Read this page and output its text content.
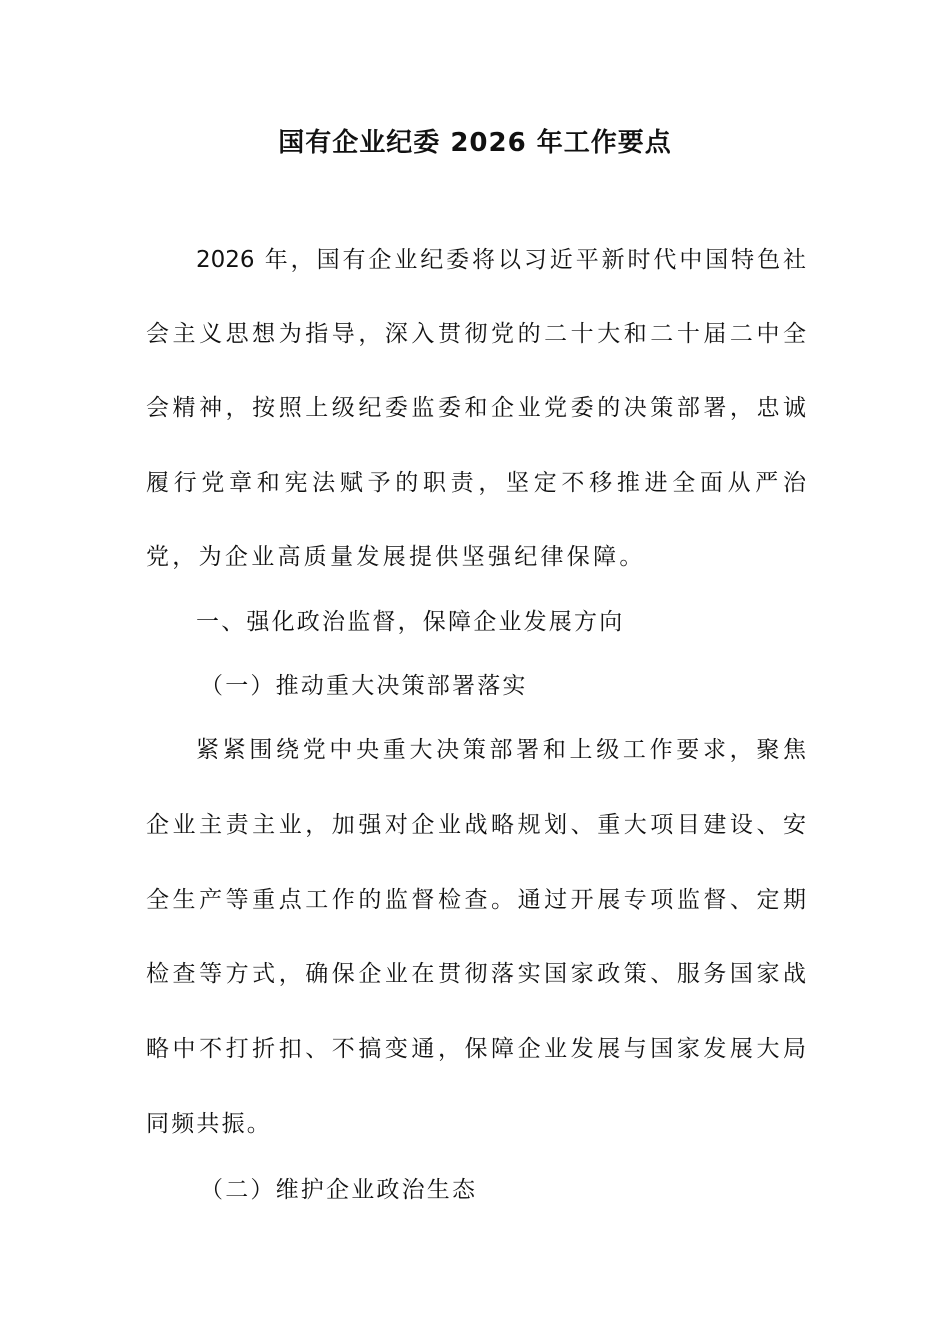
国有企业纪委 2026 年工作要点
2026 年，国有企业纪委将以习近平新时代中国特色社
会主义思想为指导，深入贯彻党的二十大和二十届二中全
会精神，按照上级纪委监委和企业党委的决策部署，忠诚
履行党章和宪法赋予的职责，坚定不移推进全面从严治
党，为企业高质量发展提供坚强纪律保障。
一、强化政治监督，保障企业发展方向
（一）推动重大决策部署落实
紧紧围绕党中央重大决策部署和上级工作要求，聚焦
企业主责主业，加强对企业战略规划、重大项目建设、安
全生产等重点工作的监督检查。通过开展专项监督、定期
检查等方式，确保企业在贯彻落实国家政策、服务国家战
略中不打折扣、不搞变通，保障企业发展与国家发展大局
同频共振。
（二）维护企业政治生态
